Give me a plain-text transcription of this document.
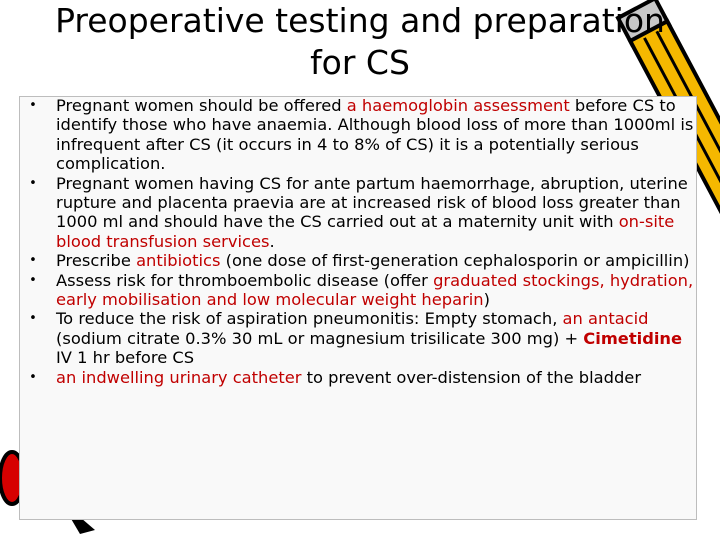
Preoperative testing and preparation
for CS
• Pregnant women should be offered a haemoglobin assessment before CS to identify those who have anaemia. Although blood loss of more than 1000ml is infrequent after CS (it occurs in 4 to 8% of CS) it is a potentially serious complication.
• Pregnant women having CS for ante partum haemorrhage, abruption, uterine rupture and placenta praevia are at increased risk of blood loss greater than 1000 ml and should have the CS carried out at a maternity unit with on-site blood transfusion services.
• Prescribe antibiotics (one dose of first-generation cephalosporin or ampicillin)
• Assess risk for thromboembolic disease (offer graduated stockings, hydration, early mobilisation and low molecular weight heparin)
• To reduce the risk of aspiration pneumonitis: Empty stomach, an antacid (sodium citrate 0.3% 30 mL or magnesium trisilicate 300 mg) + Cimetidine IV 1 hr before CS
• an indwelling urinary catheter to prevent over-distension of the bladder
